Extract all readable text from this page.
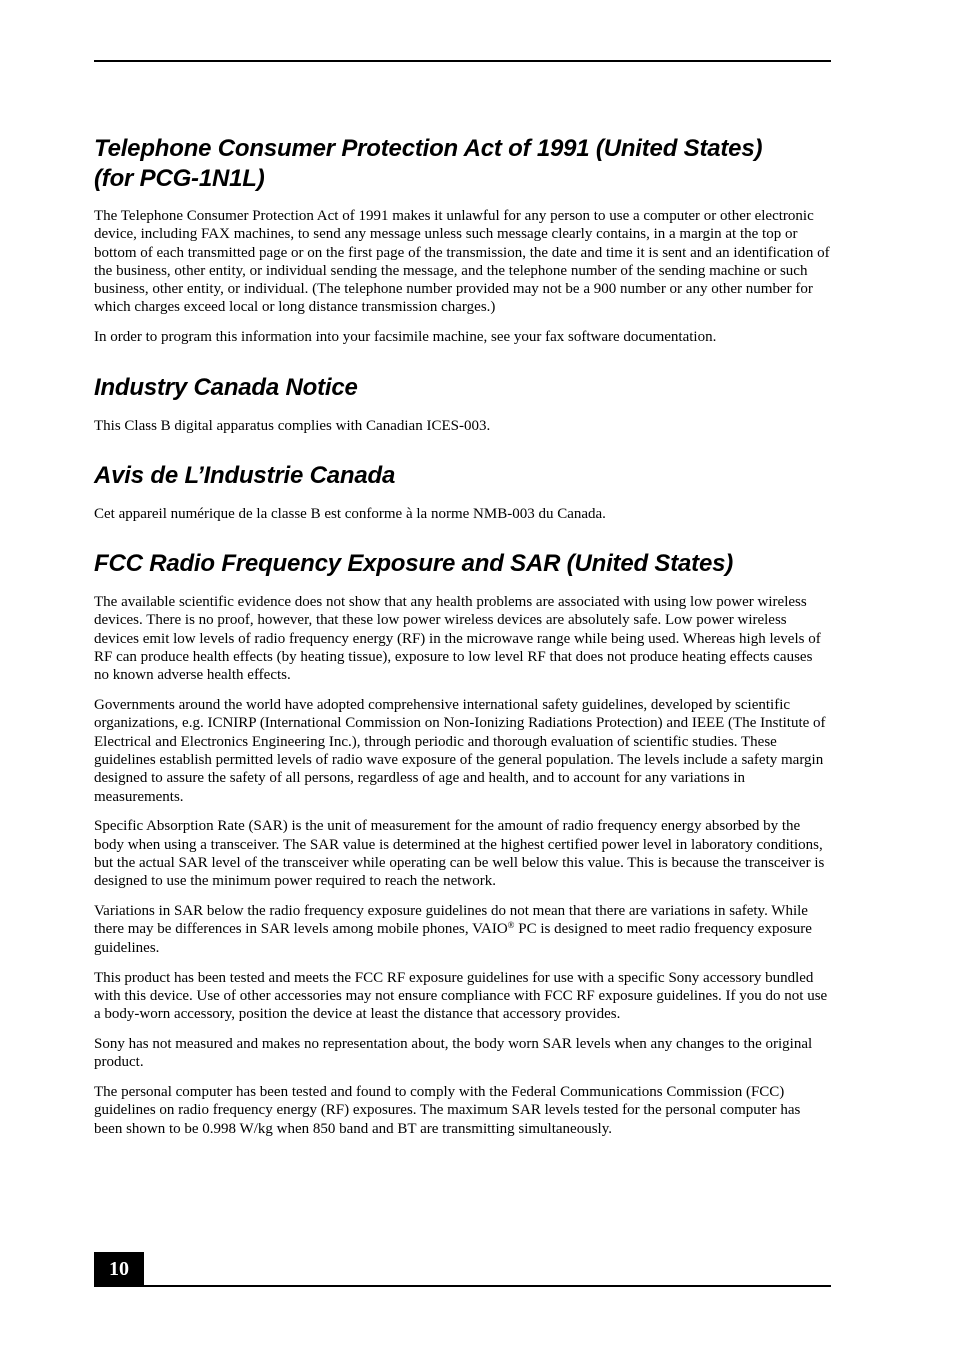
Telephone Consumer Protection Act of 1991 (United States)
(for PCG-1N1L)

The Telephone Consumer Protection Act of 1991 makes it unlawful for any person to use a computer or other electronic device, including FAX machines, to send any message unless such message clearly contains, in a margin at the top or bottom of each transmitted page or on the first page of the transmission, the date and time it is sent and an identification of the business, other entity, or individual sending the message, and the telephone number of the sending machine or such business, other entity, or individual. (The telephone number provided may not be a 900 number or any other number for which charges exceed local or long distance transmission charges.)

In order to program this information into your facsimile machine, see your fax software documentation.

Industry Canada Notice

This Class B digital apparatus complies with Canadian ICES-003.

Avis de L’Industrie Canada

Cet appareil numérique de la classe B est conforme à la norme NMB-003 du Canada.

FCC Radio Frequency Exposure and SAR (United States)

The available scientific evidence does not show that any health problems are associated with using low power wireless devices. There is no proof, however, that these low power wireless devices are absolutely safe. Low power wireless devices emit low levels of radio frequency energy (RF) in the microwave range while being used. Whereas high levels of RF can produce health effects (by heating tissue), exposure to low level RF that does not produce heating effects causes no known adverse health effects.

Governments around the world have adopted comprehensive international safety guidelines, developed by scientific organizations, e.g. ICNIRP (International Commission on Non-Ionizing Radiations Protection) and IEEE (The Institute of Electrical and Electronics Engineering Inc.), through periodic and thorough evaluation of scientific studies. These guidelines establish permitted levels of radio wave exposure of the general population. The levels include a safety margin designed to assure the safety of all persons, regardless of age and health, and to account for any variations in measurements.

Specific Absorption Rate (SAR) is the unit of measurement for the amount of radio frequency energy absorbed by the body when using a transceiver. The SAR value is determined at the highest certified power level in laboratory conditions, but the actual SAR level of the transceiver while operating can be well below this value. This is because the transceiver is designed to use the minimum power required to reach the network.

Variations in SAR below the radio frequency exposure guidelines do not mean that there are variations in safety. While there may be differences in SAR levels among mobile phones, VAIO® PC is designed to meet radio frequency exposure guidelines.

This product has been tested and meets the FCC RF exposure guidelines for use with a specific Sony accessory bundled with this device. Use of other accessories may not ensure compliance with FCC RF exposure guidelines. If you do not use a body-worn accessory, position the device at least the distance that accessory provides.

Sony has not measured and makes no representation about, the body worn SAR levels when any changes to the original product.

The personal computer has been tested and found to comply with the Federal Communications Commission (FCC) guidelines on radio frequency energy (RF) exposures. The maximum SAR levels tested for the personal computer has been shown to be 0.998 W/kg when 850 band and BT are transmitting simultaneously.

10
